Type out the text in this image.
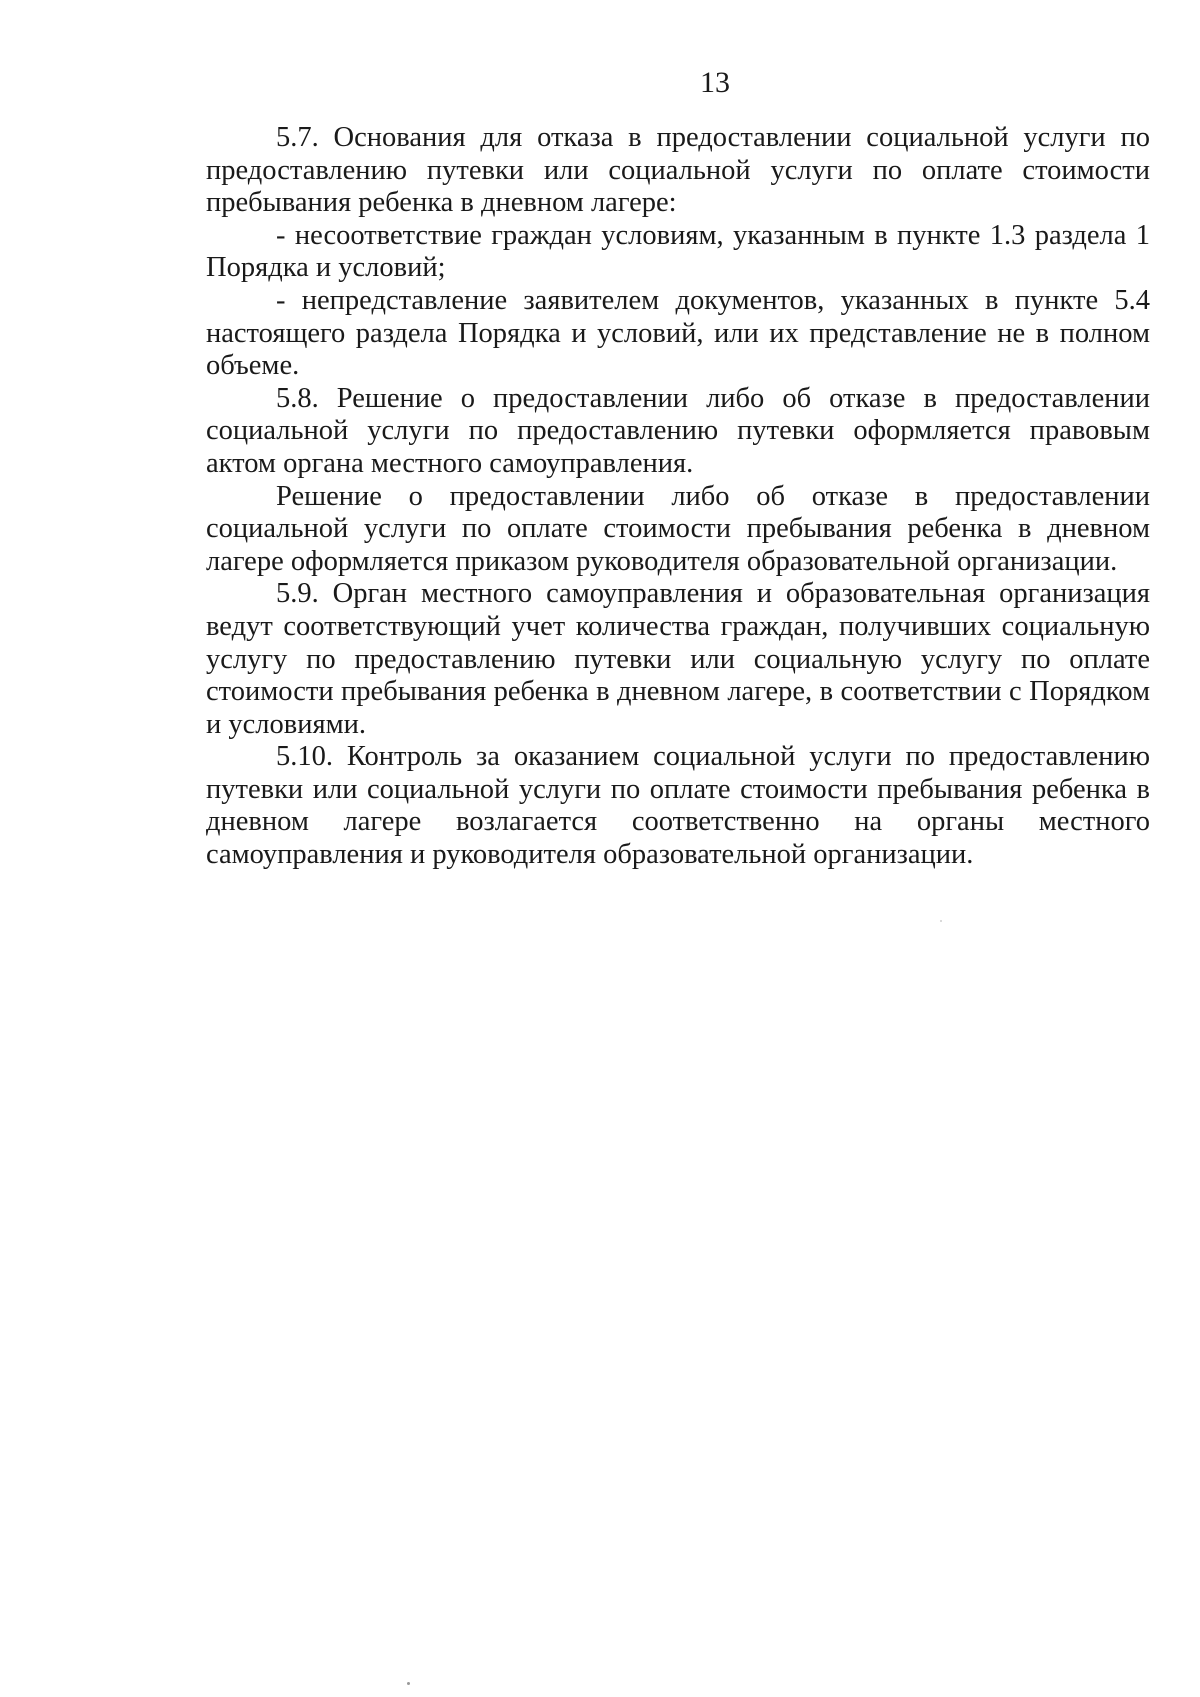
13

5.7. Основания для отказа в предоставлении социальной услуги по предоставлению путевки или социальной услуги по оплате стоимости пребывания ребенка в дневном лагере:

- несоответствие граждан условиям, указанным в пункте 1.3 раздела 1 Порядка и условий;

- непредставление заявителем документов, указанных в пункте 5.4 настоящего раздела Порядка и условий, или их представление не в полном объеме.

5.8. Решение о предоставлении либо об отказе в предоставлении социальной услуги по предоставлению путевки оформляется правовым актом органа местного самоуправления.

Решение о предоставлении либо об отказе в предоставлении социальной услуги по оплате стоимости пребывания ребенка в дневном лагере оформляется приказом руководителя образовательной организации.

5.9. Орган местного самоуправления и образовательная организация ведут соответствующий учет количества граждан, получивших социальную услугу по предоставлению путевки или социальную услугу по оплате стоимости пребывания ребенка в дневном лагере, в соответствии с Порядком и условиями.

5.10. Контроль за оказанием социальной услуги по предоставлению путевки или социальной услуги по оплате стоимости пребывания ребенка в дневном лагере возлагается соответственно на органы местного самоуправления и руководителя образовательной организации.
